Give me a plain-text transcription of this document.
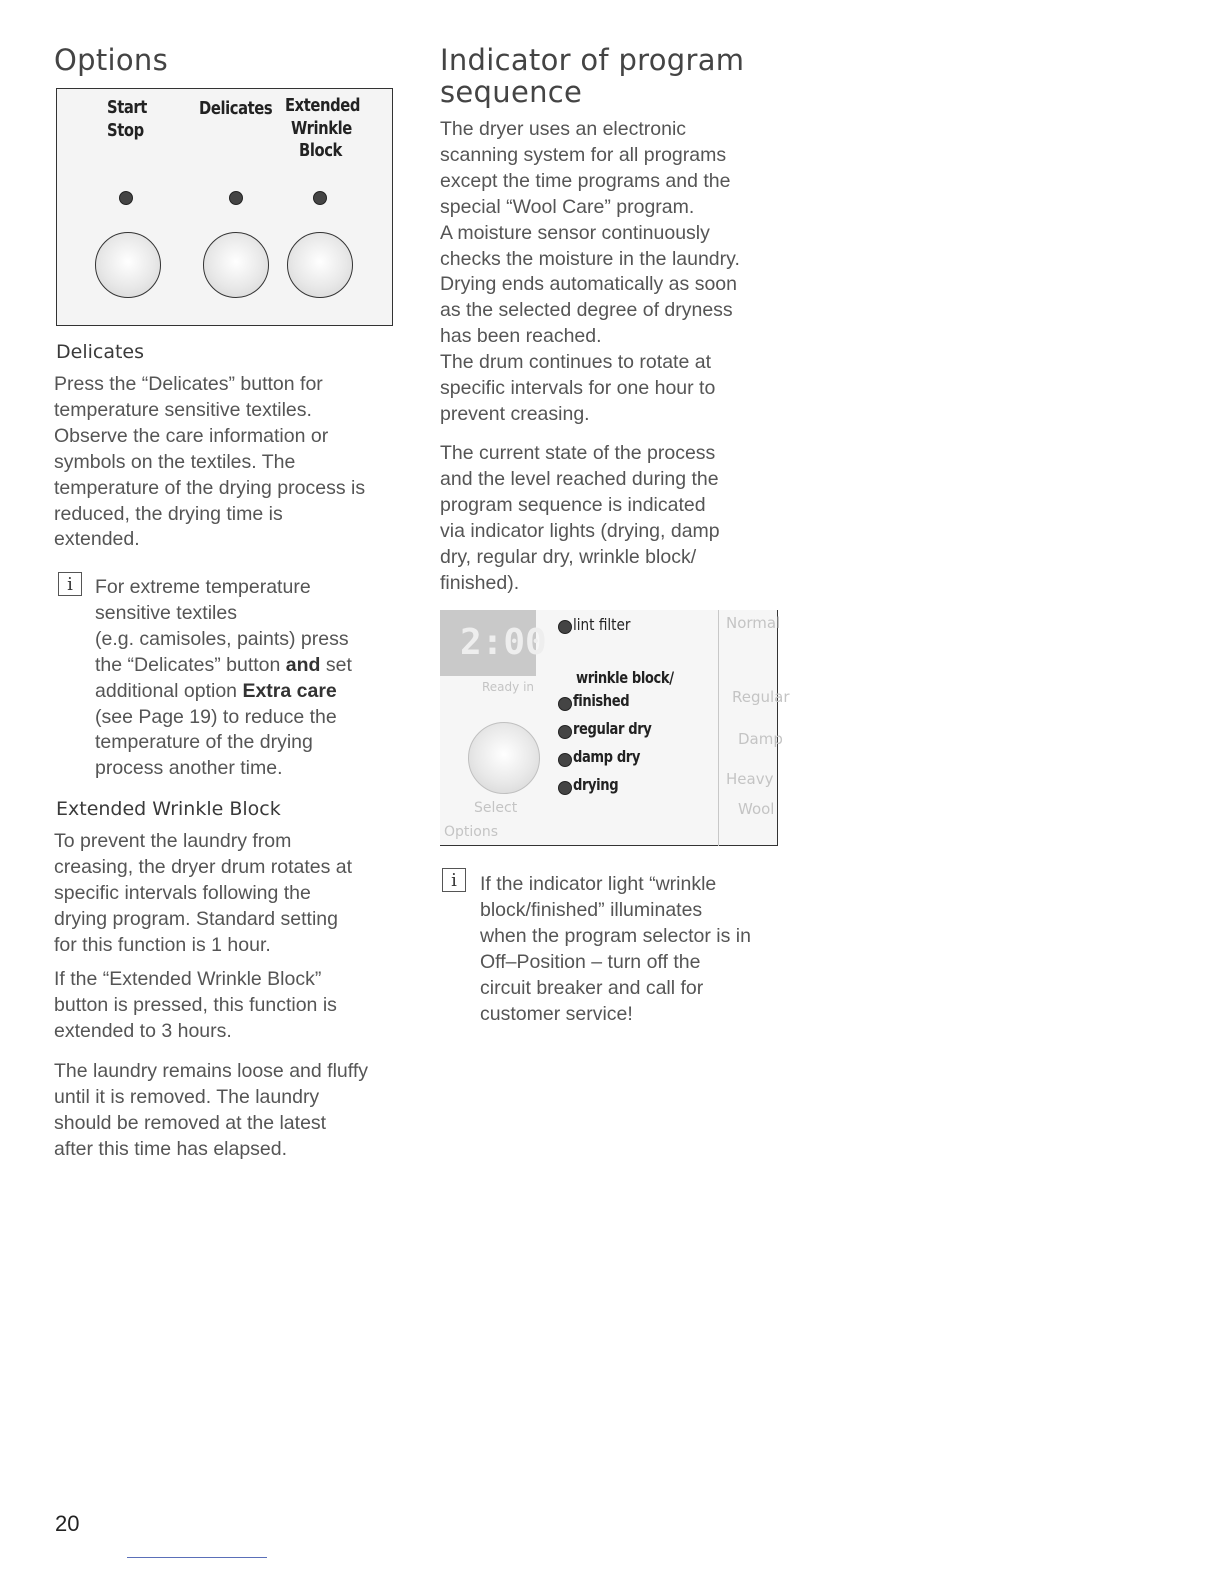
Options
Start
Stop
Delicates Extended
Wrinkle
Block
Delicates

Press the “Delicates” button for
temperature sensitive textiles.
Observe the care information or
symbols on the textiles. The
temperature of the drying process is
reduced, the drying time is
extended.

i	For extreme temperature
sensitive textiles
(e.g. camisoles, paints) press
the “Delicates” button and set
additional option Extra care
(see Page 19) to reduce the
temperature of the drying
process another time.
Extended Wrinkle Block

To prevent the laundry from
creasing, the dryer drum rotates at
specific intervals following the
drying program. Standard setting
for this function is 1 hour.

If the “Extended Wrinkle Block”
button is pressed, this function is
extended to 3 hours.

The laundry remains loose and fluffy
until it is removed. The laundry
should be removed at the latest
after this time has elapsed.

Indicator of program
sequence

The dryer uses an electronic
scanning system for all programs
except the time programs and the
special “Wool Care” program.
A moisture sensor continuously
checks the moisture in the laundry.
Drying ends automatically as soon
as the selected degree of dryness
has been reached.
The drum continues to rotate at
specific intervals for one hour to
prevent creasing.

The current state of the process
and the level reached during the
program sequence is indicated
via indicator lights (drying, damp
dry, regular dry, wrinkle block/
finished).

2:00
Ready in
Select
Options
lint filter
wrinkle block/
finished
regular dry
damp dry
drying
Normal
Regular
Damp
Heavy
Wool
i	If the indicator light “wrinkle
block/finished” illuminates
when the program selector is in
Off–Position – turn off the
circuit breaker and call for
customer service!

20
